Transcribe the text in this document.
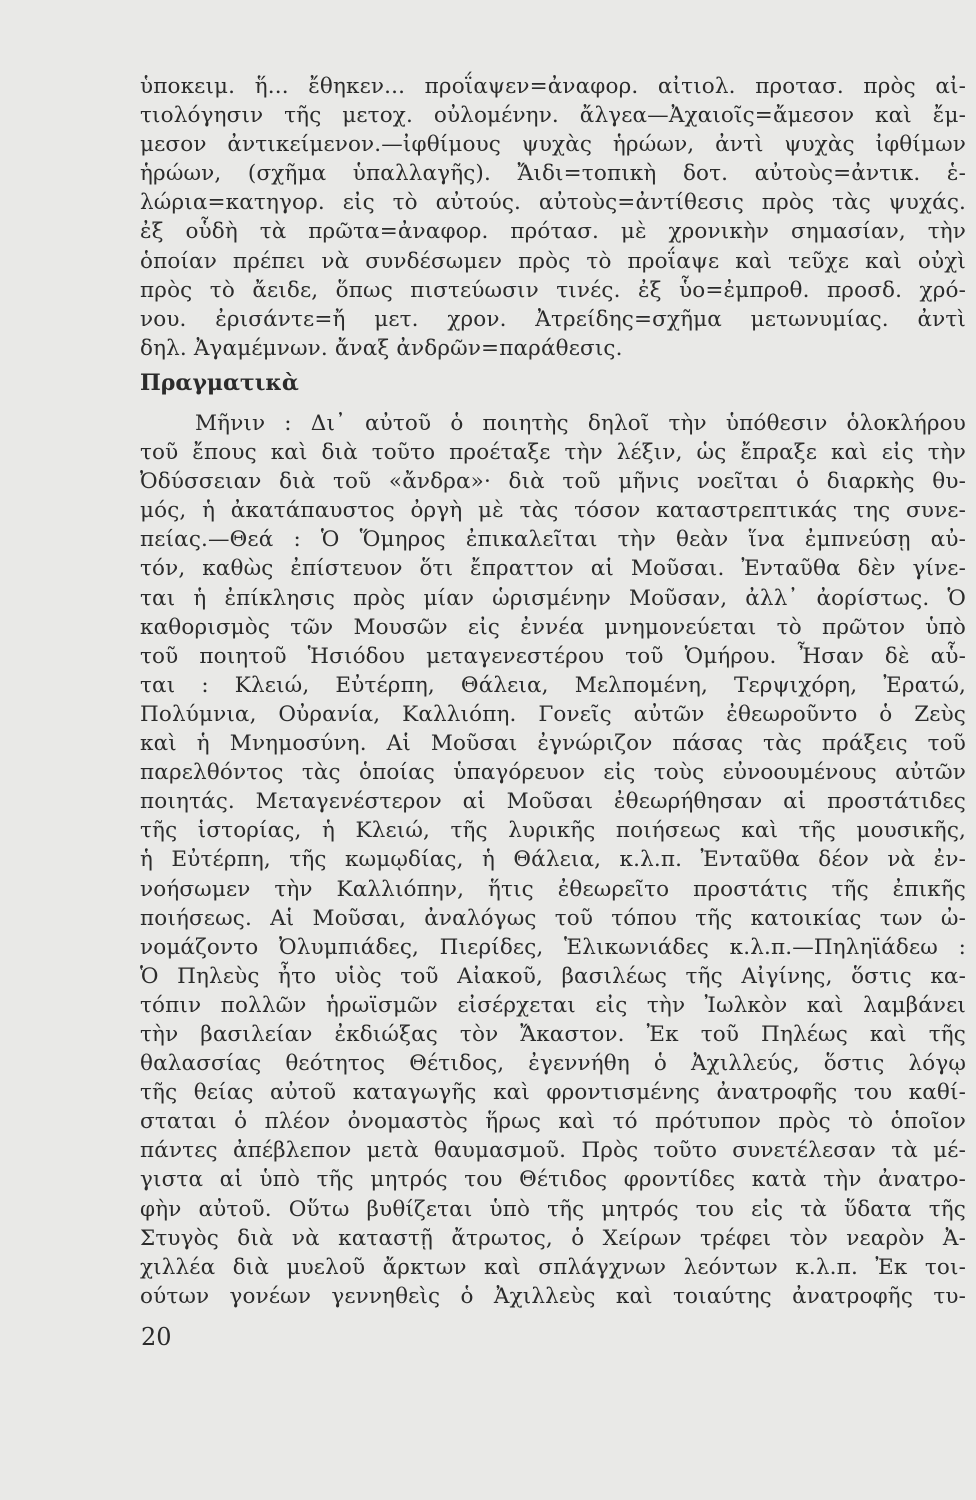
ὑποκειμ. ἥ... ἔθηκεν... προΐαψεν=ἀναφορ. αἰτιολ. προτασ. πρὸς αἰ-
τιολόγησιν τῆς μετοχ. οὐλομένην. ἄλγεα—Ἀχαιοῖς=ἄμεσον καὶ ἔμ-
μεσον ἀντικείμενον.—ἰφθίμους ψυχὰς ἡρώων, ἀντὶ ψυχὰς ἰφθίμων
ἡρώων, (σχῆμα ὑπαλλαγῆς). Ἄιδι=τοπικὴ δοτ. αὐτοὺς=ἀντικ. ἑ-
λώρια=κατηγορ. εἰς τὸ αὐτούς. αὐτοὺς=ἀντίθεσις πρὸς τὰς ψυχάς.
ἐξ οὗδὴ τὰ πρῶτα=ἀναφορ. πρότασ. μὲ χρονικὴν σημασίαν, τὴν
ὁποίαν πρέπει νὰ συνδέσωμεν πρὸς τὸ προΐαψε καὶ τεῦχε καὶ οὐχὶ
πρὸς τὸ ἄειδε, ὅπως πιστεύωσιν τινές. ἐξ ὗο=ἐμπροθ. προσδ. χρό-
νου. ἐρισάντε=ἤ μετ. χρον. Ἀτρείδης=σχῆμα μετωνυμίας. ἀντὶ
δηλ. Ἀγαμέμνων. ἄναξ ἀνδρῶν=παράθεσις.
Πραγματικὰ
Μῆνιν : Δι᾽ αὐτοῦ ὁ ποιητὴς δηλοῖ τὴν ὑπόθεσιν ὁλοκλήρου
τοῦ ἔπους καὶ διὰ τοῦτο προέταξε τὴν λέξιν, ὡς ἔπραξε καὶ εἰς τὴν
Ὀδύσσειαν διὰ τοῦ «ἄνδρα»· διὰ τοῦ μῆνις νοεῖται ὁ διαρκὴς θυ-
μός, ἡ ἀκατάπαυστος ὀργὴ μὲ τὰς τόσον καταστρεπτικάς της συνε-
πείας.—Θεά : Ὁ Ὅμηρος ἐπικαλεῖται τὴν θεὰν ἵνα ἐμπνεύσῃ αὐ-
τόν, καθὼς ἐπίστευον ὅτι ἔπραττον αἱ Μοῦσαι. Ἐνταῦθα δὲν γίνε-
ται ἡ ἐπίκλησις πρὸς μίαν ὡρισμένην Μοῦσαν, ἀλλ᾽ ἀορίστως. Ὁ
καθορισμὸς τῶν Μουσῶν εἰς ἐννέα μνημονεύεται τὸ πρῶτον ὑπὸ
τοῦ ποιητοῦ Ἡσιόδου μεταγενεστέρου τοῦ Ὁμήρου. Ἦσαν δὲ αὗ-
ται : Κλειώ, Εὐτέρπη, Θάλεια, Μελπομένη, Τερψιχόρη, Ἐρατώ,
Πολύμνια, Οὐρανία, Καλλιόπη. Γονεῖς αὐτῶν ἐθεωροῦντο ὁ Ζεὺς
καὶ ἡ Μνημοσύνη. Αἱ Μοῦσαι ἐγνώριζον πάσας τὰς πράξεις τοῦ
παρελθόντος τὰς ὁποίας ὑπαγόρευον εἰς τοὺς εὐνοουμένους αὐτῶν
ποιητάς. Μεταγενέστερον αἱ Μοῦσαι ἐθεωρήθησαν αἱ προστάτιδες
τῆς ἱστορίας, ἡ Κλειώ, τῆς λυρικῆς ποιήσεως καὶ τῆς μουσικῆς,
ἡ Εὐτέρπη, τῆς κωμῳδίας, ἡ Θάλεια, κ.λ.π. Ἐνταῦθα δέον νὰ ἐν-
νοήσωμεν τὴν Καλλιόπην, ἥτις ἐθεωρεῖτο προστάτις τῆς ἐπικῆς
ποιήσεως. Αἱ Μοῦσαι, ἀναλόγως τοῦ τόπου τῆς κατοικίας των ὠ-
νομάζοντο Ὀλυμπιάδες, Πιερίδες, Ἑλικωνιάδες κ.λ.π.—Πηληϊάδεω :
Ὁ Πηλεὺς ἦτο υἱὸς τοῦ Αἰακοῦ, βασιλέως τῆς Αἰγίνης, ὅστις κα-
τόπιν πολλῶν ἡρωϊσμῶν εἰσέρχεται εἰς τὴν Ἰωλκὸν καὶ λαμβάνει
τὴν βασιλείαν ἐκδιώξας τὸν Ἄκαστον. Ἐκ τοῦ Πηλέως καὶ τῆς
θαλασσίας θεότητος Θέτιδος, ἐγεννήθη ὁ Ἀχιλλεύς, ὅστις λόγῳ
τῆς θείας αὐτοῦ καταγωγῆς καὶ φροντισμένης ἀνατροφῆς του καθί-
σταται ὁ πλέον ὀνομαστὸς ἥρως καὶ τό πρότυπον πρὸς τὸ ὁποῖον
πάντες ἀπέβλεπον μετὰ θαυμασμοῦ. Πρὸς τοῦτο συνετέλεσαν τὰ μέ-
γιστα αἱ ὑπὸ τῆς μητρός του Θέτιδος φροντίδες κατὰ τὴν ἀνατρο-
φὴν αὐτοῦ. Οὕτω βυθίζεται ὑπὸ τῆς μητρός του εἰς τὰ ὕδατα τῆς
Στυγὸς διὰ νὰ καταστῇ ἄτρωτος, ὁ Χείρων τρέφει τὸν νεαρὸν Ἀ-
χιλλέα διὰ μυελοῦ ἄρκτων καὶ σπλάγχνων λεόντων κ.λ.π. Ἐκ τοι-
ούτων γονέων γεννηθεὶς ὁ Ἀχιλλεὺς καὶ τοιαύτης ἀνατροφῆς τυ-
20
